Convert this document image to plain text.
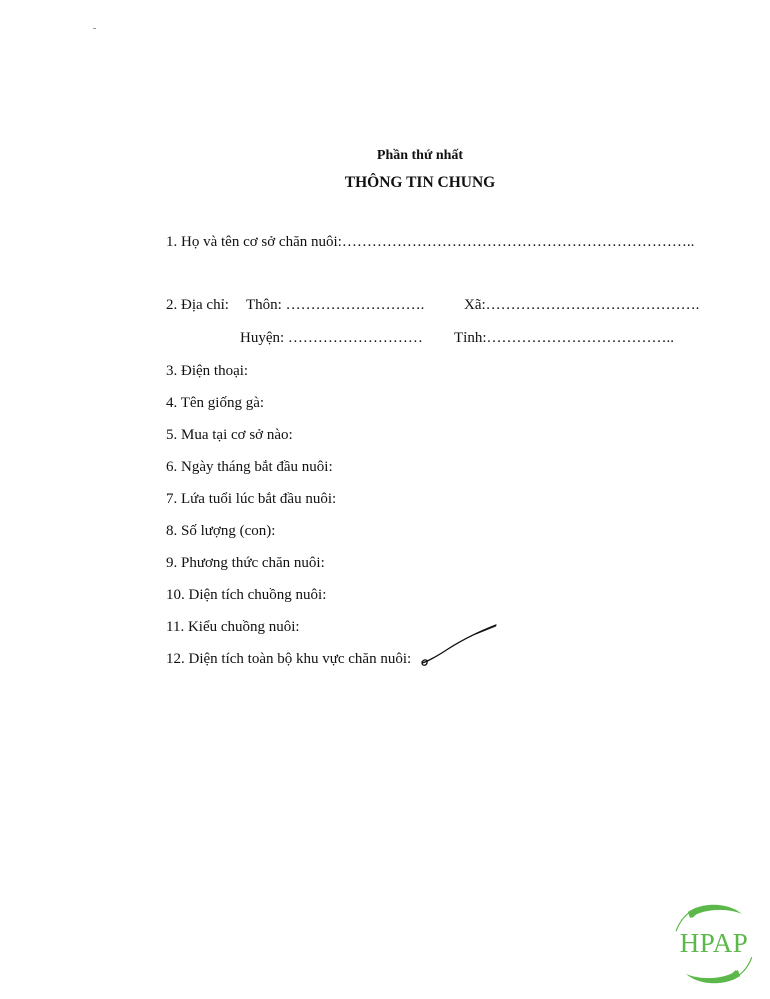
Phần thứ nhất
THÔNG TIN CHUNG
1. Họ và tên cơ sở chăn nuôi:……………………………………………………………..
2. Địa chỉ: Thôn: ……………………….	Xã:…………………………………….
Huyện: ……………………… Tỉnh:………………………………..
3. Điện thoại:
4. Tên giống gà:
5. Mua tại cơ sở nào:
6. Ngày tháng bắt đầu nuôi:
7. Lứa tuổi lúc bắt đầu nuôi:
8. Số lượng (con):
9. Phương thức chăn nuôi:
10. Diện tích chuồng nuôi:
11. Kiểu chuồng nuôi:
12. Diện tích toàn bộ khu vực chăn nuôi:
HPAP
